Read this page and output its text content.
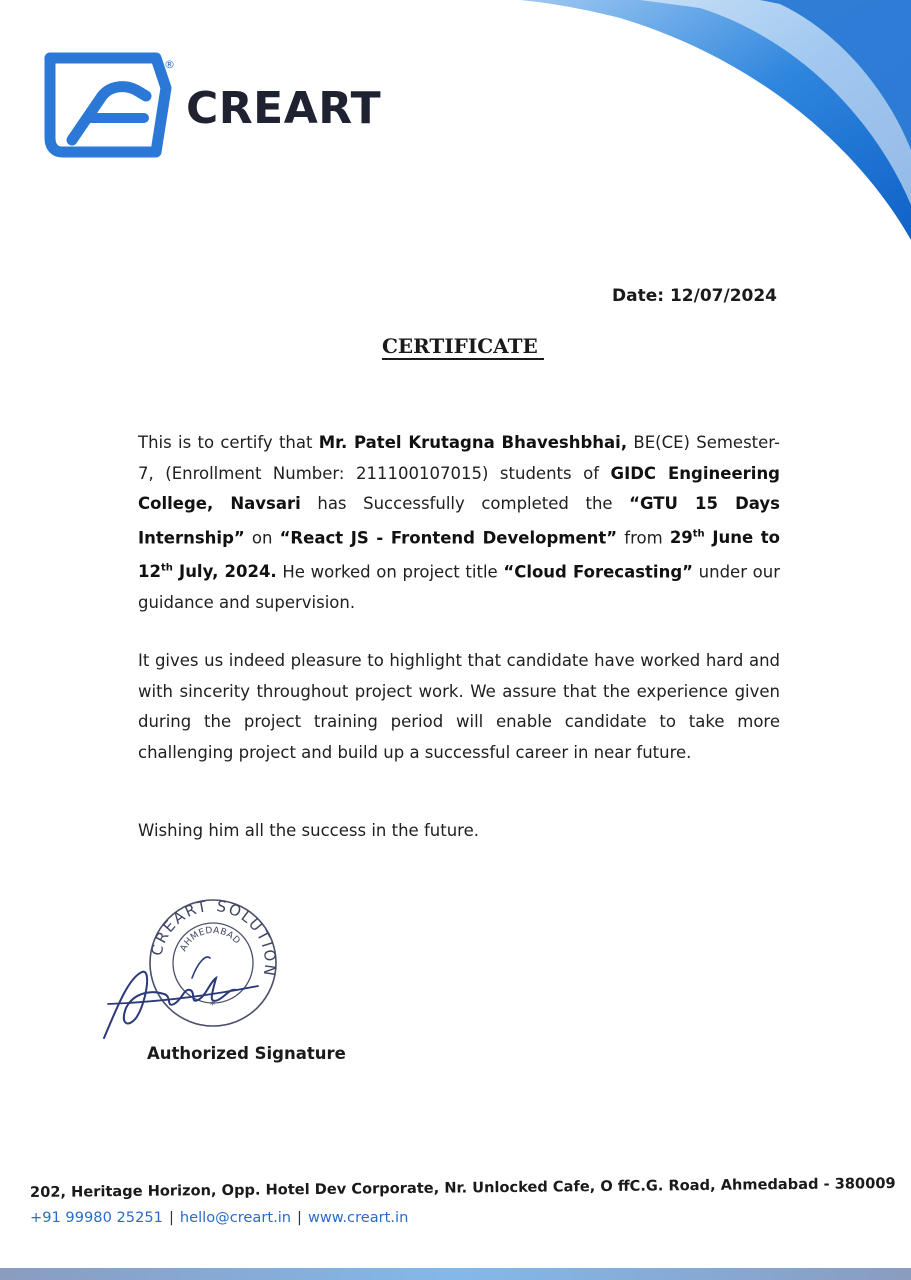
®
CREART
Date: 12/07/2024
CERTIFICATE
This is to certify that Mr. Patel Krutagna Bhaveshbhai, BE(CE) Semester-7, (Enrollment Number: 211100107015) students of GIDC Engineering College, Navsari has Successfully completed the “GTU 15 Days Internship” on “React JS - Frontend Development” from 29th June to 12th July, 2024. He worked on project title “Cloud Forecasting” under our guidance and supervision.
It gives us indeed pleasure to highlight that candidate have worked hard and with sincerity throughout project work. We assure that the experience given during the project training period will enable candidate to take more challenging project and build up a successful career in near future.
Wishing him all the success in the future.
CREART SOLUTION
AHMEDABAD
*
Authorized Signature
202, Heritage Horizon, Opp. Hotel Dev Corporate, Nr. Unlocked Cafe, O ffC.G. Road, Ahmedabad - 380009
+91 99980 25251 | hello@creart.in | www.creart.in
